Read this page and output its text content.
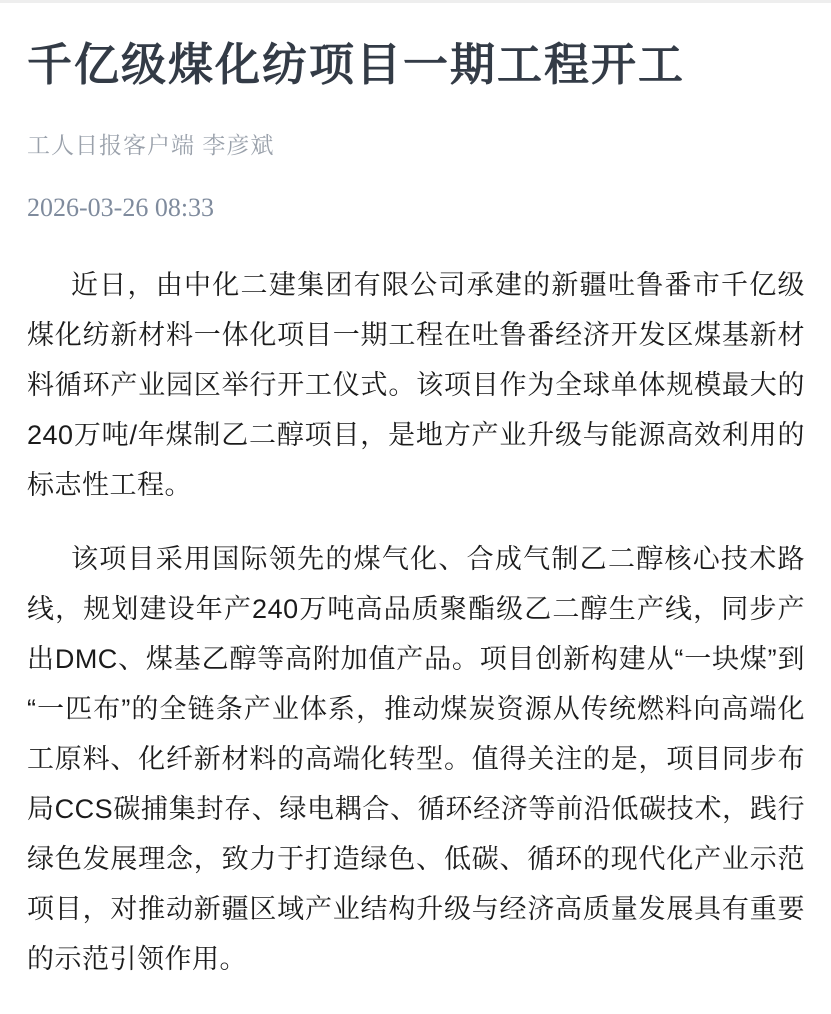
千亿级煤化纺项目一期工程开工
工人日报客户端 李彦斌
2026-03-26 08:33

近日，由中化二建集团有限公司承建的新疆吐鲁番市千亿级煤化纺新材料一体化项目一期工程在吐鲁番经济开发区煤基新材料循环产业园区举行开工仪式。该项目作为全球单体规模最大的240万吨/年煤制乙二醇项目，是地方产业升级与能源高效利用的标志性工程。

该项目采用国际领先的煤气化、合成气制乙二醇核心技术路线，规划建设年产240万吨高品质聚酯级乙二醇生产线，同步产出DMC、煤基乙醇等高附加值产品。项目创新构建从“一块煤”到“一匹布”的全链条产业体系，推动煤炭资源从传统燃料向高端化工原料、化纤新材料的高端化转型。值得关注的是，项目同步布局CCS碳捕集封存、绿电耦合、循环经济等前沿低碳技术，践行绿色发展理念，致力于打造绿色、低碳、循环的现代化产业示范项目，对推动新疆区域产业结构升级与经济高质量发展具有重要的示范引领作用。
